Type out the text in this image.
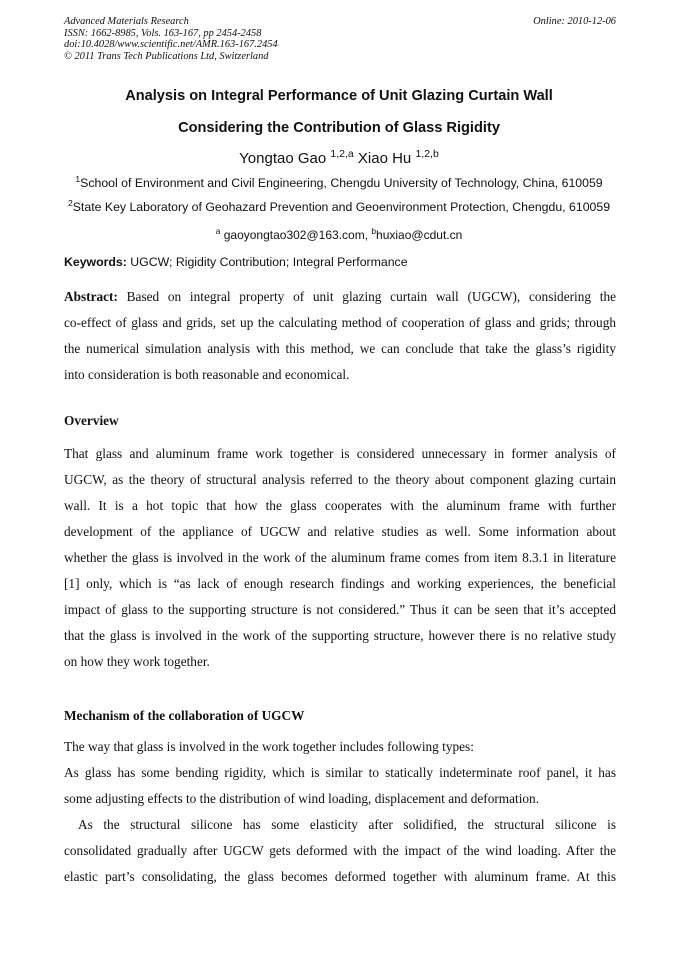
Advanced Materials Research
ISSN: 1662-8985, Vols. 163-167, pp 2454-2458
doi:10.4028/www.scientific.net/AMR.163-167.2454
© 2011 Trans Tech Publications Ltd, Switzerland
Online: 2010-12-06
Analysis on Integral Performance of Unit Glazing Curtain Wall
Considering the Contribution of Glass Rigidity
Yongtao Gao $^{1,2,a}$ Xiao Hu $^{1,2,b}$
$^1$School of Environment and Civil Engineering, Chengdu University of Technology, China, 610059
$^2$State Key Laboratory of Geohazard Prevention and Geoenvironment Protection, Chengdu, 610059
$^a$ gaoyongtao302@163.com, $^b$huxiao@cdut.cn
Keywords: UGCW; Rigidity Contribution; Integral Performance
Abstract: Based on integral property of unit glazing curtain wall (UGCW), considering the
co-effect of glass and grids, set up the calculating method of cooperation of glass and grids; through
the numerical simulation analysis with this method, we can conclude that take the glass’s rigidity
into consideration is both reasonable and economical.
Overview
That glass and aluminum frame work together is considered unnecessary in former analysis of
UGCW, as the theory of structural analysis referred to the theory about component glazing curtain
wall. It is a hot topic that how the glass cooperates with the aluminum frame with further
development of the appliance of UGCW and relative studies as well. Some information about
whether the glass is involved in the work of the aluminum frame comes from item 8.3.1 in literature
[1] only, which is “as lack of enough research findings and working experiences, the beneficial
impact of glass to the supporting structure is not considered.” Thus it can be seen that it’s accepted
that the glass is involved in the work of the supporting structure, however there is no relative study
on how they work together.
Mechanism of the collaboration of UGCW
The way that glass is involved in the work together includes following types:
As glass has some bending rigidity, which is similar to statically indeterminate roof panel, it has
some adjusting effects to the distribution of wind loading, displacement and deformation.
As the structural silicone has some elasticity after solidified, the structural silicone is
consolidated gradually after UGCW gets deformed with the impact of the wind loading. After the
elastic part’s consolidating, the glass becomes deformed together with aluminum frame. At this
